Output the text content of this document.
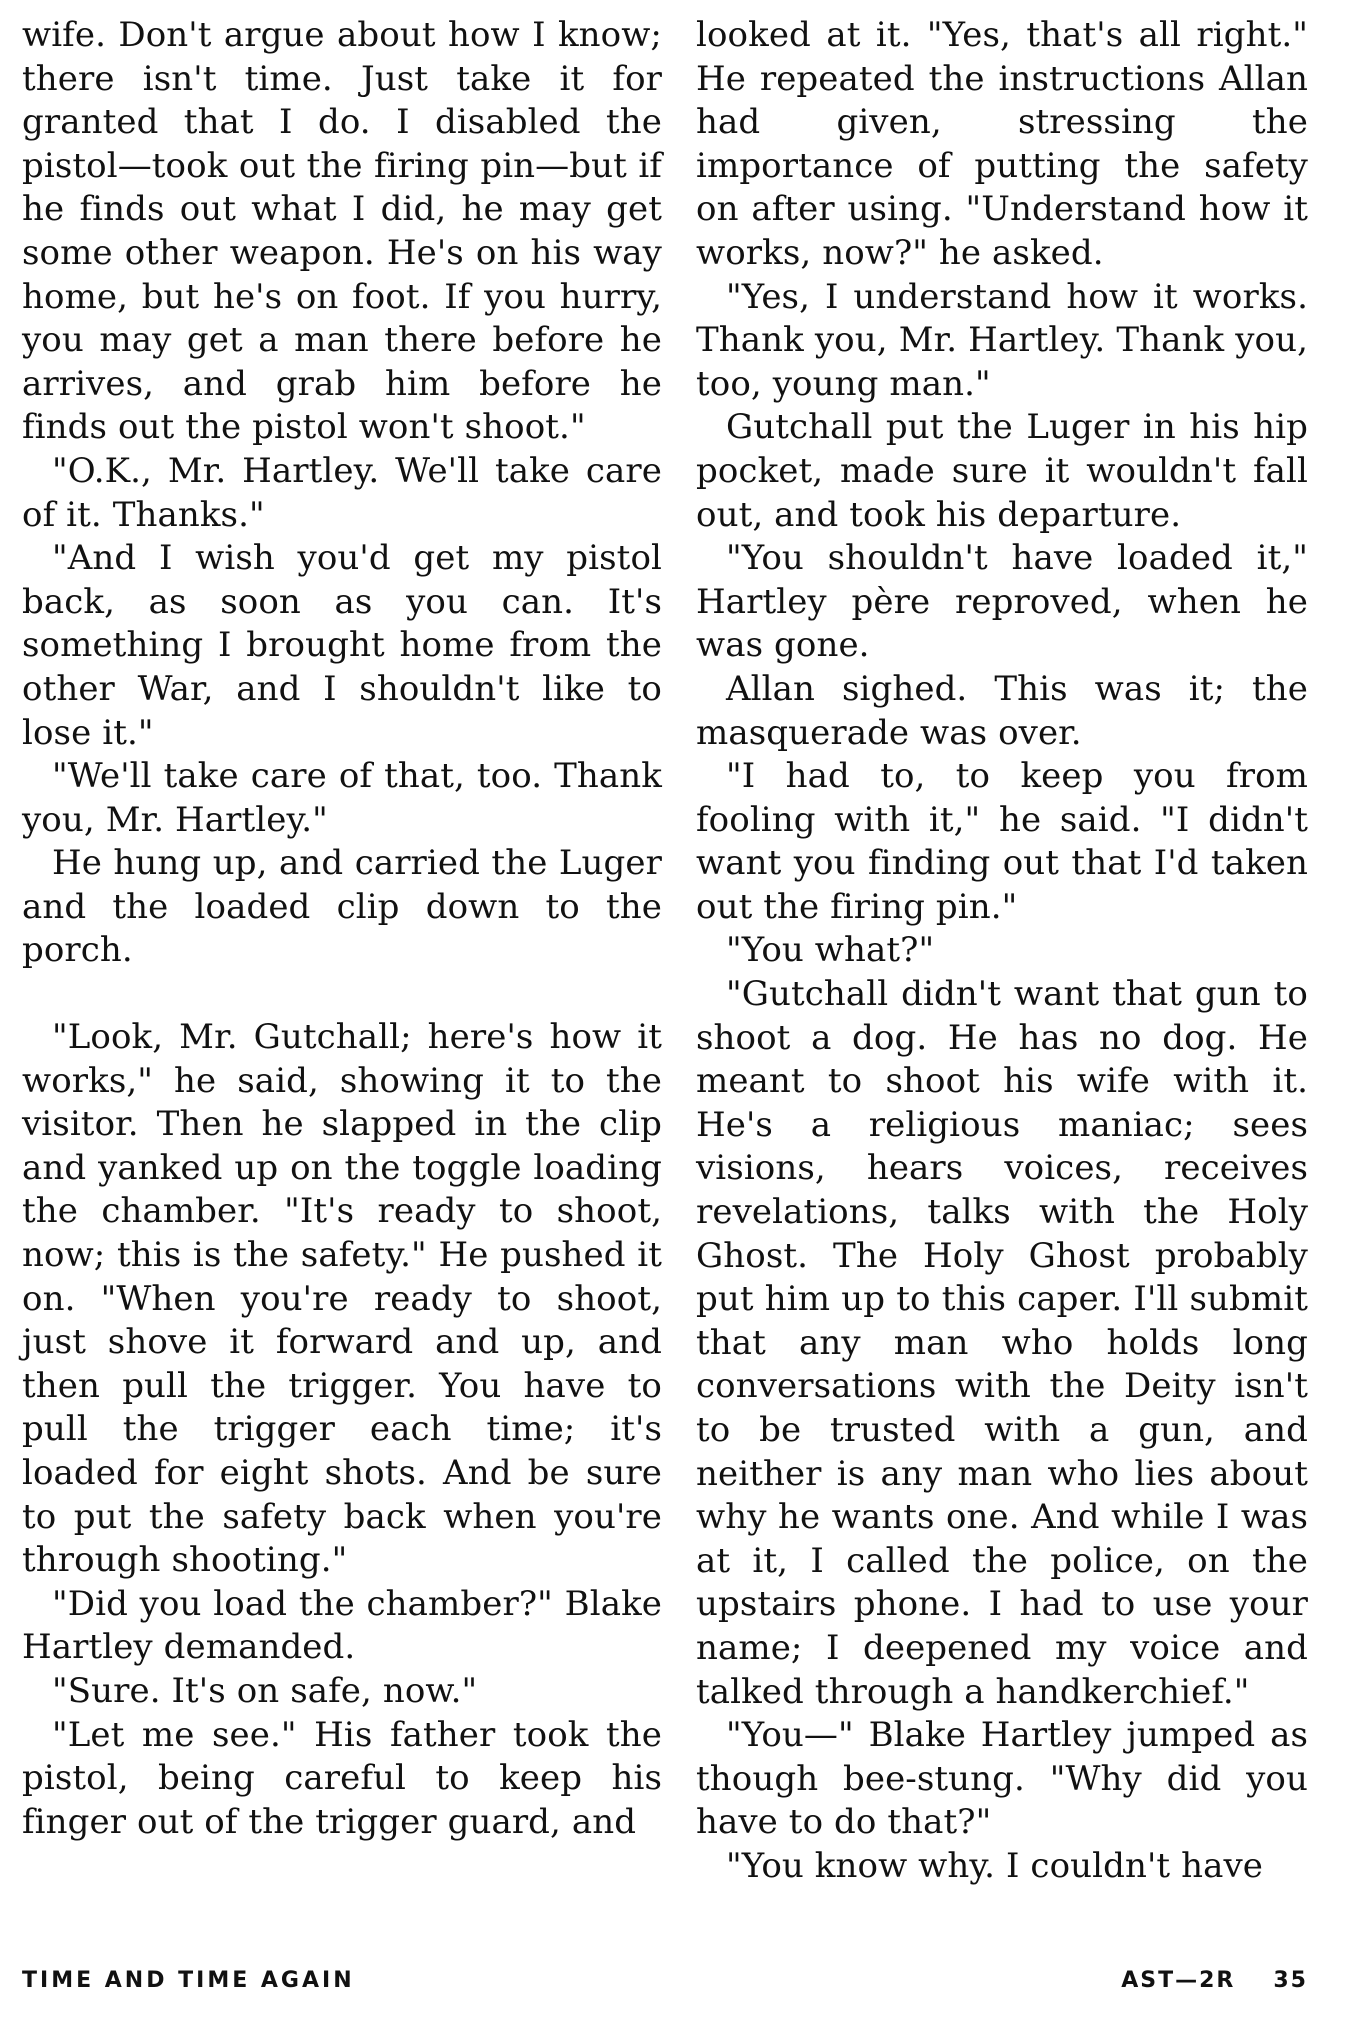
wife. Don't argue about how I know; there isn't time. Just take it for granted that I do. I disabled the pistol—took out the firing pin—but if he finds out what I did, he may get some other weapon. He's on his way home, but he's on foot. If you hurry, you may get a man there before he arrives, and grab him before he finds out the pistol won't shoot."

"O.K., Mr. Hartley. We'll take care of it. Thanks."

"And I wish you'd get my pistol back, as soon as you can. It's something I brought home from the other War, and I shouldn't like to lose it."

"We'll take care of that, too. Thank you, Mr. Hartley."

He hung up, and carried the Luger and the loaded clip down to the porch.

"Look, Mr. Gutchall; here's how it works," he said, showing it to the visitor. Then he slapped in the clip and yanked up on the toggle loading the chamber. "It's ready to shoot, now; this is the safety." He pushed it on. "When you're ready to shoot, just shove it forward and up, and then pull the trigger. You have to pull the trigger each time; it's loaded for eight shots. And be sure to put the safety back when you're through shooting."

"Did you load the chamber?" Blake Hartley demanded.

"Sure. It's on safe, now."

"Let me see." His father took the pistol, being careful to keep his finger out of the trigger guard, and

looked at it. "Yes, that's all right." He repeated the instructions Allan had given, stressing the importance of putting the safety on after using. "Understand how it works, now?" he asked.

"Yes, I understand how it works. Thank you, Mr. Hartley. Thank you, too, young man."

Gutchall put the Luger in his hip pocket, made sure it wouldn't fall out, and took his departure.

"You shouldn't have loaded it," Hartley père reproved, when he was gone.

Allan sighed. This was it; the masquerade was over.

"I had to, to keep you from fooling with it," he said. "I didn't want you finding out that I'd taken out the firing pin."

"You what?"

"Gutchall didn't want that gun to shoot a dog. He has no dog. He meant to shoot his wife with it. He's a religious maniac; sees visions, hears voices, receives revelations, talks with the Holy Ghost. The Holy Ghost probably put him up to this caper. I'll submit that any man who holds long conversations with the Deity isn't to be trusted with a gun, and neither is any man who lies about why he wants one. And while I was at it, I called the police, on the upstairs phone. I had to use your name; I deepened my voice and talked through a handkerchief."

"You—" Blake Hartley jumped as though bee-stung. "Why did you have to do that?"

"You know why. I couldn't have

TIME AND TIME AGAIN	AST—2R 35
